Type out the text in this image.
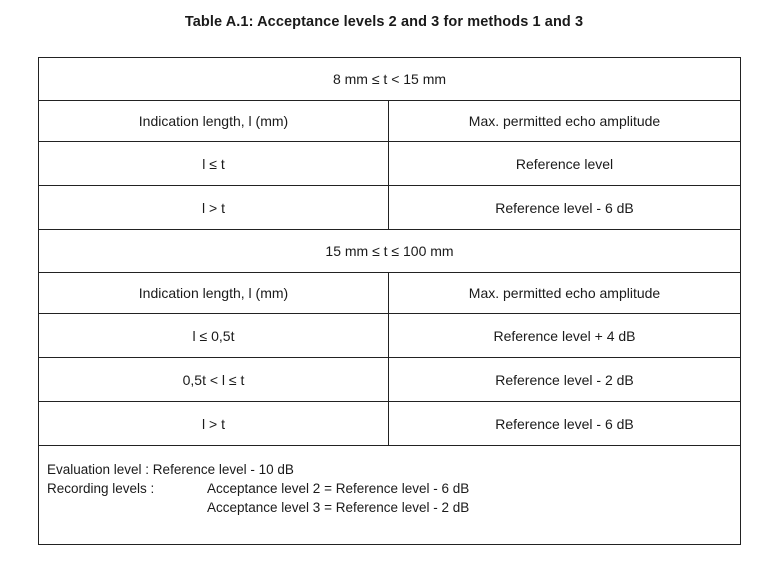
Table A.1: Acceptance levels 2 and 3 for methods 1 and 3
8 mm ≤ t < 15 mm	
Indication length, l (mm)	Max. permitted echo amplitude
l ≤ t	Reference level
l > t	Reference level - 6 dB
15 mm ≤ t ≤ 100 mm	
Indication length, l (mm)	Max. permitted echo amplitude
l ≤ 0,5t	Reference level + 4 dB
0,5t < l ≤ t	Reference level - 2 dB
l > t	Reference level - 6 dB

Evaluation level : Reference level - 10 dB
Recording levels : Acceptance level 2 = Reference level - 6 dB
Acceptance level 3 = Reference level - 2 dB	
